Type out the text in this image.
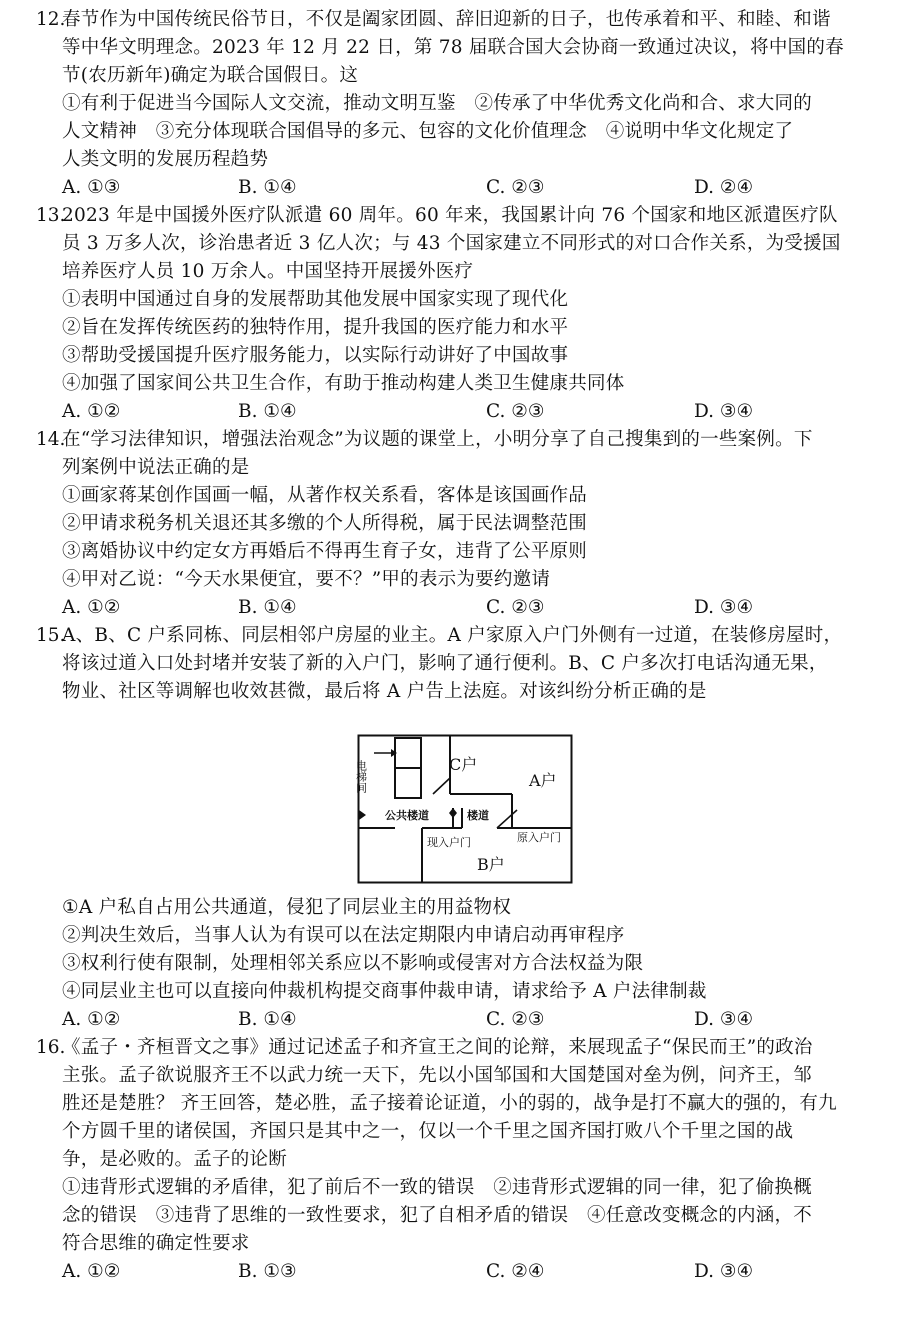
12.
春节作为中国传统民俗节日，不仅是阖家团圆、辞旧迎新的日子，也传承着和平、和睦、和谐
等中华文明理念。2023 年 12 月 22 日，第 78 届联合国大会协商一致通过决议，将中国的春
节(农历新年)确定为联合国假日。这
①有利于促进当今国际人文交流，推动文明互鉴　②传承了中华优秀文化尚和合、求大同的
人文精神　③充分体现联合国倡导的多元、包容的文化价值理念　④说明中华文化规定了
人类文明的发展历程趋势
A. ①③	B. ①④	C. ②③	D. ②④
13.
2023 年是中国援外医疗队派遣 60 周年。60 年来，我国累计向 76 个国家和地区派遣医疗队
员 3 万多人次，诊治患者近 3 亿人次；与 43 个国家建立不同形式的对口合作关系，为受援国
培养医疗人员 10 万余人。中国坚持开展援外医疗
①表明中国通过自身的发展帮助其他发展中国家实现了现代化
②旨在发挥传统医药的独特作用，提升我国的医疗能力和水平
③帮助受援国提升医疗服务能力，以实际行动讲好了中国故事
④加强了国家间公共卫生合作，有助于推动构建人类卫生健康共同体
A. ①②	B. ①④	C. ②③	D. ③④
14.
在“学习法律知识，增强法治观念”为议题的课堂上，小明分享了自己搜集到的一些案例。下
列案例中说法正确的是
①画家蒋某创作国画一幅，从著作权关系看，客体是该国画作品
②甲请求税务机关退还其多缴的个人所得税，属于民法调整范围
③离婚协议中约定女方再婚后不得再生育子女，违背了公平原则
④甲对乙说：“今天水果便宜，要不？”甲的表示为要约邀请
A. ①②	B. ①④	C. ②③	D. ③④
15.
A、B、C 户系同栋、同层相邻户房屋的业主。A 户家原入户门外侧有一过道，在装修房屋时，
将该过道入口处封堵并安装了新的入户门，影响了通行便利。B、C 户多次打电话沟通无果，
物业、社区等调解也收效甚微，最后将 A 户告上法庭。对该纠纷分析正确的是
电梯间	C户
A户
公共楼道	楼道
现入户门	原入户门
B户
①A 户私自占用公共通道，侵犯了同层业主的用益物权
②判决生效后，当事人认为有误可以在法定期限内申请启动再审程序
③权利行使有限制，处理相邻关系应以不影响或侵害对方合法权益为限
④同层业主也可以直接向仲裁机构提交商事仲裁申请，请求给予 A 户法律制裁
A. ①②	B. ①④	C. ②③	D. ③④
16.
《孟子・齐桓晋文之事》通过记述孟子和齐宣王之间的论辩，来展现孟子“保民而王”的政治
主张。孟子欲说服齐王不以武力统一天下，先以小国邹国和大国楚国对垒为例，问齐王，邹
胜还是楚胜？ 齐王回答，楚必胜，孟子接着论证道，小的弱的，战争是打不赢大的强的，有九
个方圆千里的诸侯国，齐国只是其中之一，仅以一个千里之国齐国打败八个千里之国的战
争，是必败的。孟子的论断
①违背形式逻辑的矛盾律，犯了前后不一致的错误　②违背形式逻辑的同一律，犯了偷换概
念的错误　③违背了思维的一致性要求，犯了自相矛盾的错误　④任意改变概念的内涵，不
符合思维的确定性要求
A. ①②	B. ①③	C. ②④	D. ③④
